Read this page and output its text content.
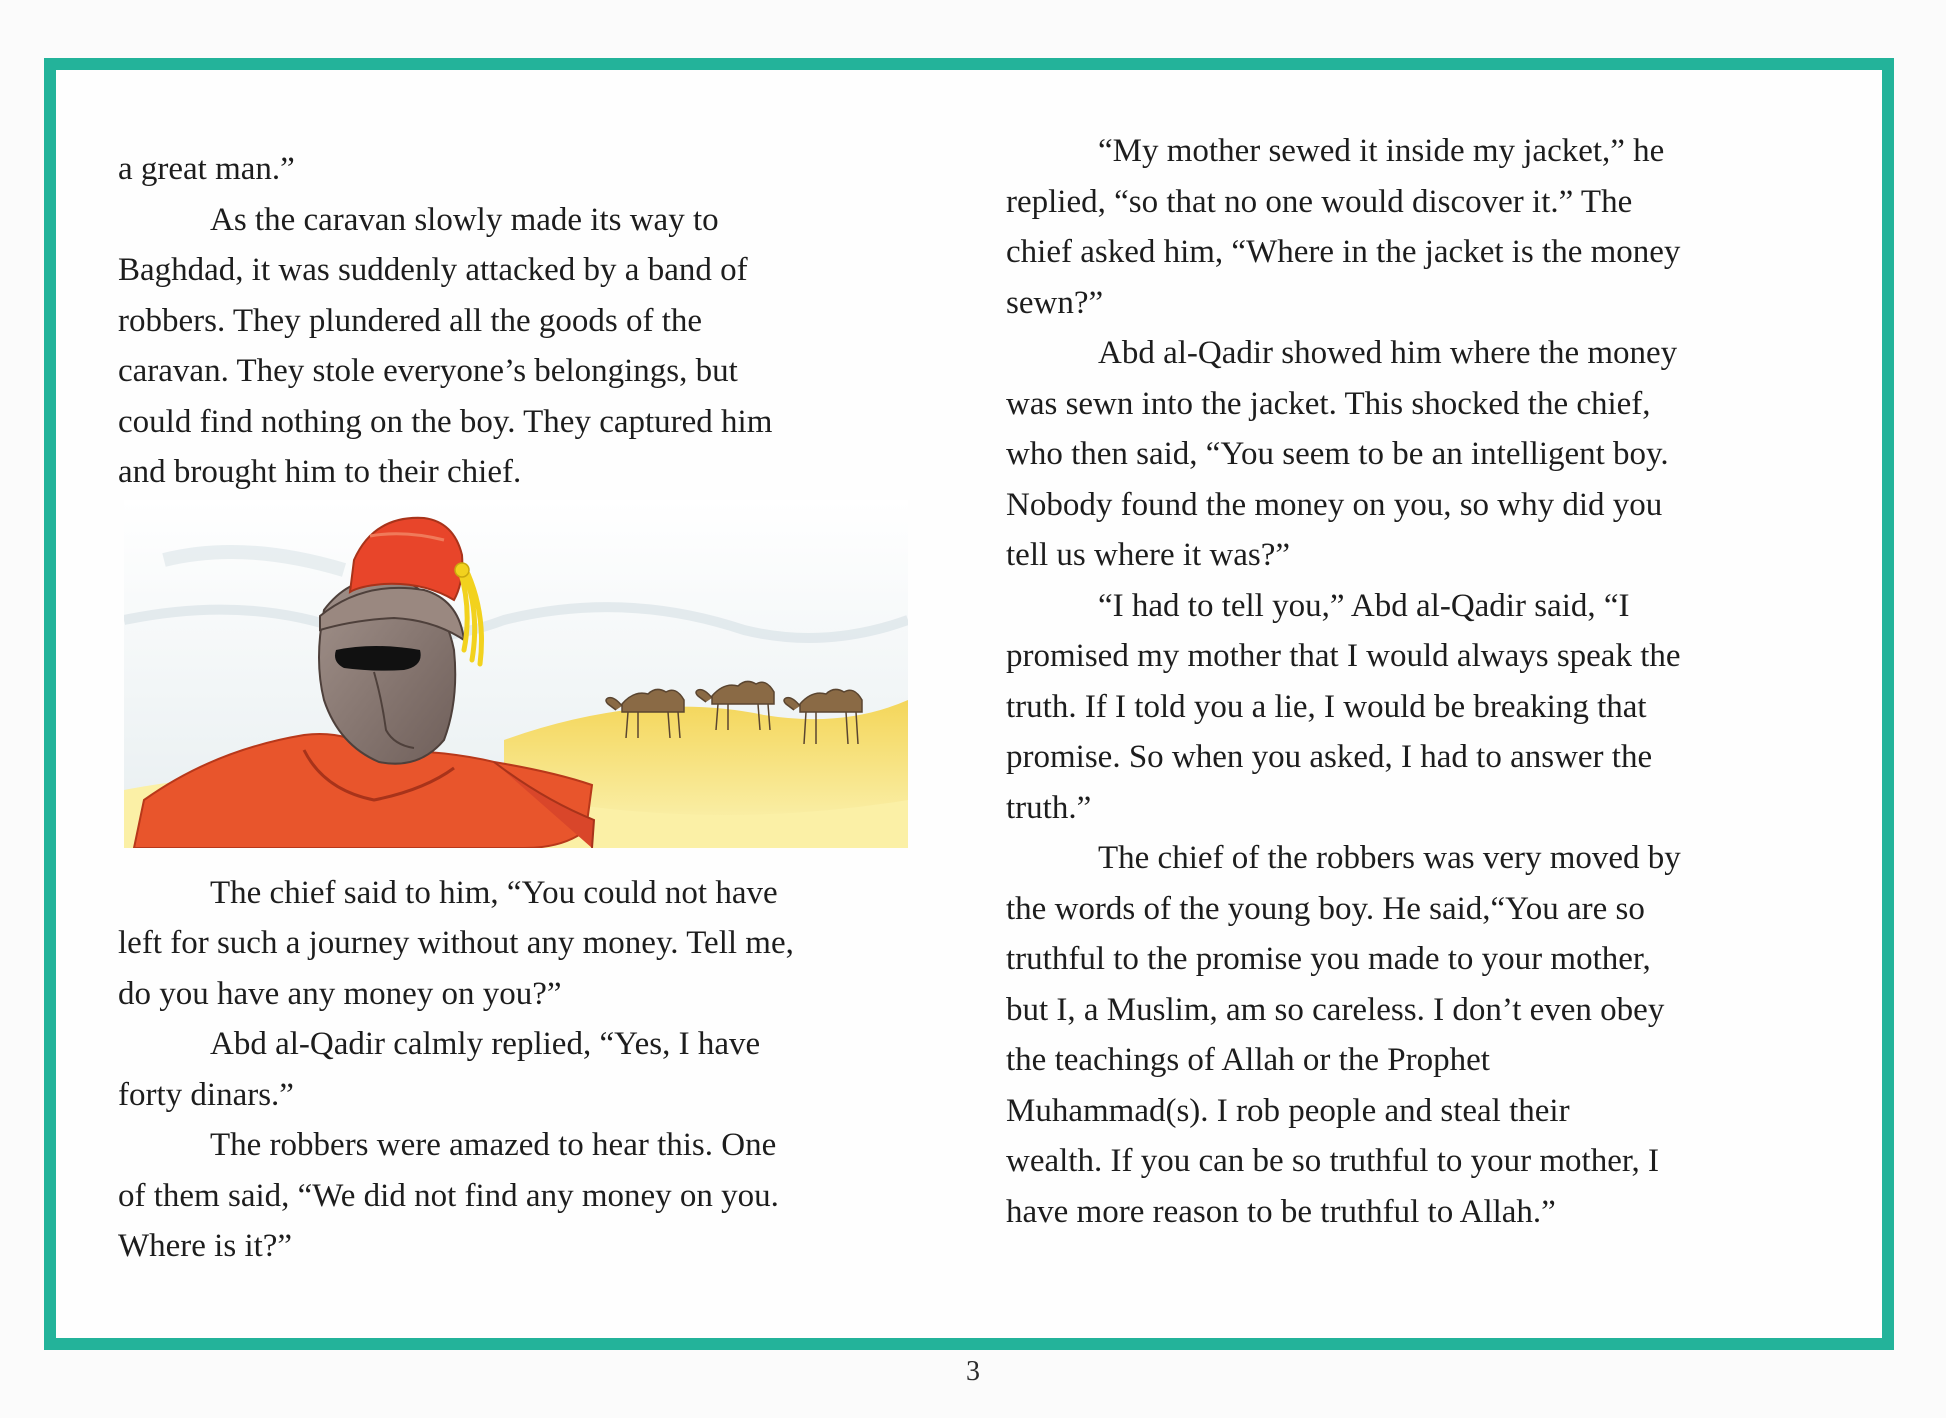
a great man.”

As the caravan slowly made its way to
Baghdad, it was suddenly attacked by a band of
robbers. They plundered all the goods of the
caravan. They stole everyone’s belongings, but
could find nothing on the boy. They captured him
and brought him to their chief.

The chief said to him, “You could not have
left for such a journey without any money. Tell me,
do you have any money on you?”

Abd al-Qadir calmly replied, “Yes, I have
forty dinars.”

The robbers were amazed to hear this. One
of them said, “We did not find any money on you.
Where is it?”

“My mother sewed it inside my jacket,” he
replied, “so that no one would discover it.” The
chief asked him, “Where in the jacket is the money
sewn?”

Abd al-Qadir showed him where the money
was sewn into the jacket. This shocked the chief,
who then said, “You seem to be an intelligent boy.
Nobody found the money on you, so why did you
tell us where it was?”

“I had to tell you,” Abd al-Qadir said, “I
promised my mother that I would always speak the
truth. If I told you a lie, I would be breaking that
promise. So when you asked, I had to answer the
truth.”

The chief of the robbers was very moved by
the words of the young boy. He said,“You are so
truthful to the promise you made to your mother,
but I, a Muslim, am so careless. I don’t even obey
the teachings of Allah or the Prophet
Muhammad(s). I rob people and steal their
wealth. If you can be so truthful to your mother, I
have more reason to be truthful to Allah.”

3
